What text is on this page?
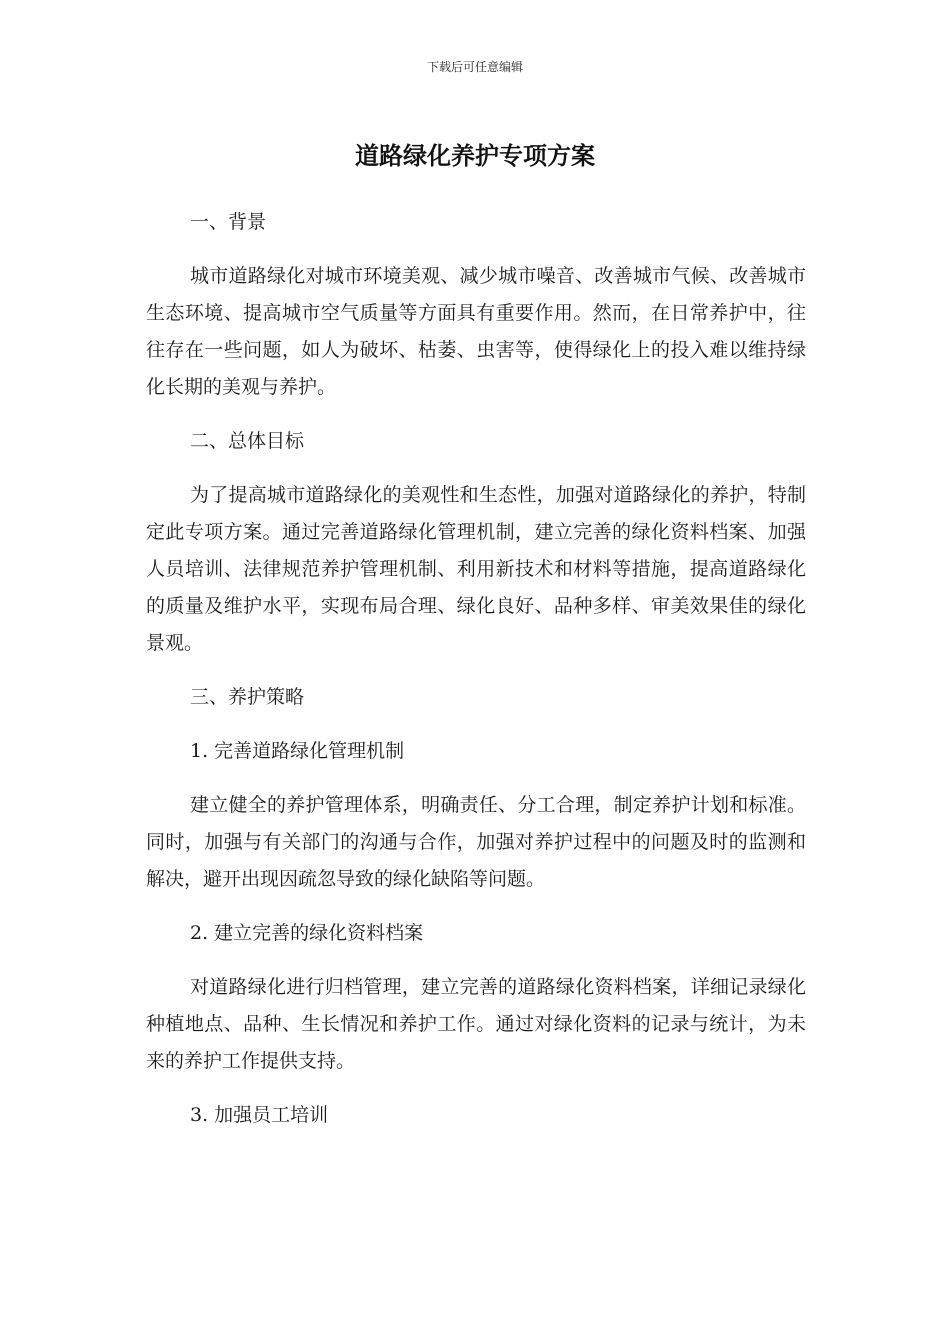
下载后可任意编辑
道路绿化养护专项方案
一、背景
城市道路绿化对城市环境美观、减少城市噪音、改善城市气候、改善城市生态环境、提高城市空气质量等方面具有重要作用。然而，在日常养护中，往往存在一些问题，如人为破坏、枯萎、虫害等，使得绿化上的投入难以维持绿化长期的美观与养护。
二、总体目标
为了提高城市道路绿化的美观性和生态性，加强对道路绿化的养护，特制定此专项方案。通过完善道路绿化管理机制，建立完善的绿化资料档案、加强人员培训、法律规范养护管理机制、利用新技术和材料等措施，提高道路绿化的质量及维护水平，实现布局合理、绿化良好、品种多样、审美效果佳的绿化景观。
三、养护策略
1. 完善道路绿化管理机制
建立健全的养护管理体系，明确责任、分工合理，制定养护计划和标准。同时，加强与有关部门的沟通与合作，加强对养护过程中的问题及时的监测和解决，避开出现因疏忽导致的绿化缺陷等问题。
2. 建立完善的绿化资料档案
对道路绿化进行归档管理，建立完善的道路绿化资料档案，详细记录绿化种植地点、品种、生长情况和养护工作。通过对绿化资料的记录与统计，为未来的养护工作提供支持。
3. 加强员工培训
